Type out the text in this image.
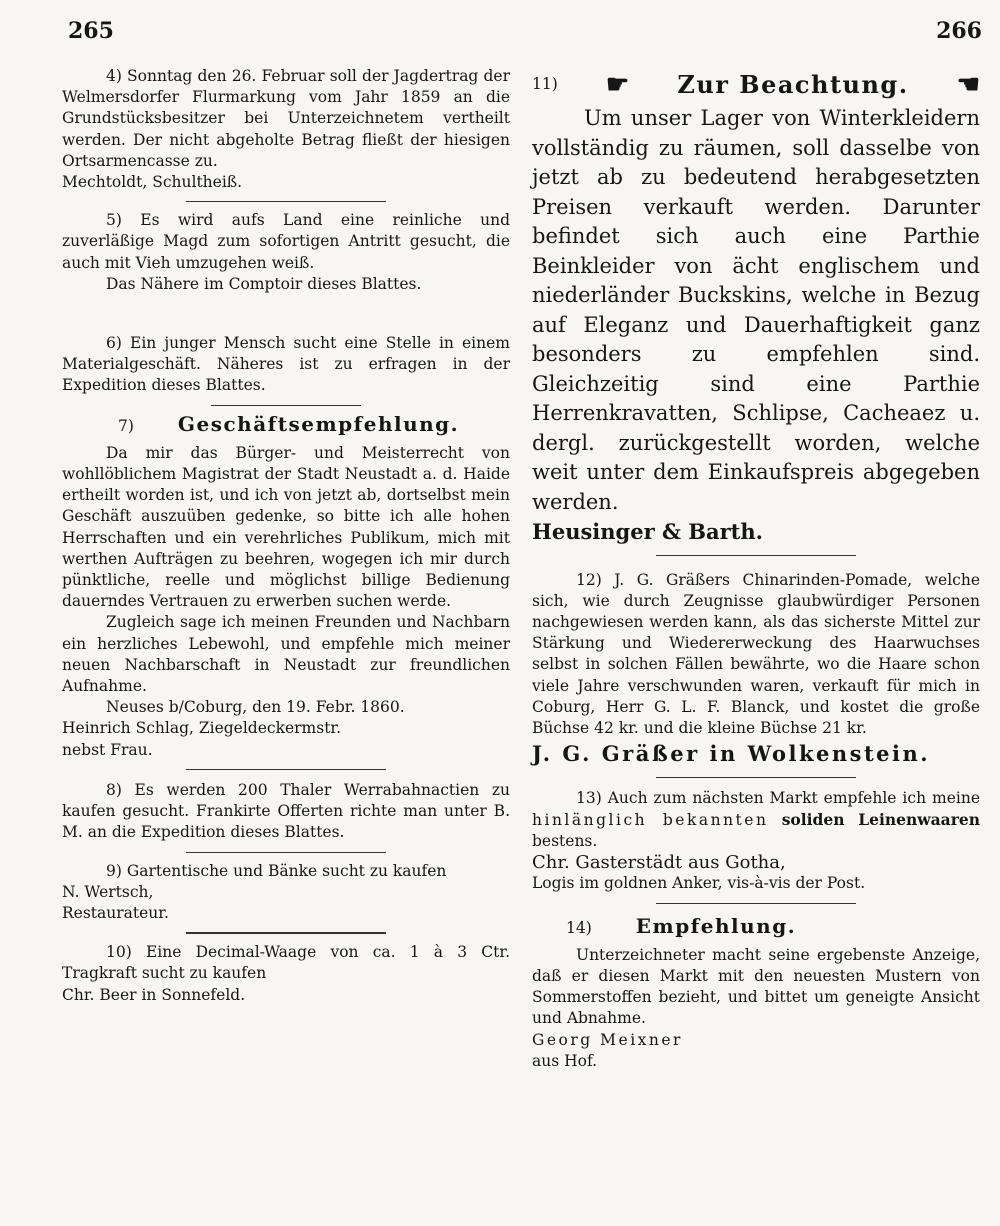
265	266

4) Sonntag den 26. Februar soll der Jagdertrag der Welmersdorfer Flurmarkung vom Jahr 1859 an die Grundstücksbesitzer bei Unterzeichnetem vertheilt werden. Der nicht abgeholte Betrag fließt der hiesigen Ortsarmencasse zu.

Mechtoldt, Schultheiß.

5) Es wird aufs Land eine reinliche und zuverläßige Magd zum sofortigen Antritt gesucht, die auch mit Vieh umzugehen weiß.

Das Nähere im Comptoir dieses Blattes.

6) Ein junger Mensch sucht eine Stelle in einem Materialgeschäft. Näheres ist zu erfragen in der Expedition dieses Blattes.

7) Geschäftsempfehlung.

Da mir das Bürger- und Meisterrecht von wohllöblichem Magistrat der Stadt Neustadt a. d. Haide ertheilt worden ist, und ich von jetzt ab, dortselbst mein Geschäft auszuüben gedenke, so bitte ich alle hohen Herrschaften und ein verehrliches Publikum, mich mit werthen Aufträgen zu beehren, wogegen ich mir durch pünktliche, reelle und möglichst billige Bedienung dauerndes Vertrauen zu erwerben suchen werde.

Zugleich sage ich meinen Freunden und Nachbarn ein herzliches Lebewohl, und empfehle mich meiner neuen Nachbarschaft in Neustadt zur freundlichen Aufnahme.

Neuses b/Coburg, den 19. Febr. 1860.

Heinrich Schlag, Ziegeldeckermstr.

nebst Frau.

8) Es werden 200 Thaler Werrabahnactien zu kaufen gesucht. Frankirte Offerten richte man unter B. M. an die Expedition dieses Blattes.

9) Gartentische und Bänke sucht zu kaufen

N. Wertsch,

Restaurateur.

10) Eine Decimal-Waage von ca. 1 à 3 Ctr. Tragkraft sucht zu kaufen

Chr. Beer in Sonnefeld.

11) ☛ Zur Beachtung. ☚

Um unser Lager von Winterkleidern vollständig zu räumen, soll dasselbe von jetzt ab zu bedeutend herabgesetzten Preisen verkauft werden. Darunter befindet sich auch eine Parthie Beinkleider von ächt englischem und niederländer Buckskins, welche in Bezug auf Eleganz und Dauerhaftigkeit ganz besonders zu empfehlen sind. Gleichzeitig sind eine Parthie Herrenkravatten, Schlipse, Cacheaez u. dergl. zurückgestellt worden, welche weit unter dem Einkaufspreis abgegeben werden.

Heusinger & Barth.

12) J. G. Gräßers Chinarinden-Pomade, welche sich, wie durch Zeugnisse glaubwürdiger Personen nachgewiesen werden kann, als das sicherste Mittel zur Stärkung und Wiedererweckung des Haarwuchses selbst in solchen Fällen bewährte, wo die Haare schon viele Jahre verschwunden waren, verkauft für mich in Coburg, Herr G. L. F. Blanck, und kostet die große Büchse 42 kr. und die kleine Büchse 21 kr.

J. G. Gräßer in Wolkenstein.

13) Auch zum nächsten Markt empfehle ich meine hinlänglich bekannten soliden Leinenwaaren bestens.

Chr. Gasterstädt aus Gotha,

Logis im goldnen Anker, vis-à-vis der Post.

14) Empfehlung.

Unterzeichneter macht seine ergebenste Anzeige, daß er diesen Markt mit den neuesten Mustern von Sommerstoffen bezieht, und bittet um geneigte Ansicht und Abnahme.

Georg Meixner

aus Hof.
